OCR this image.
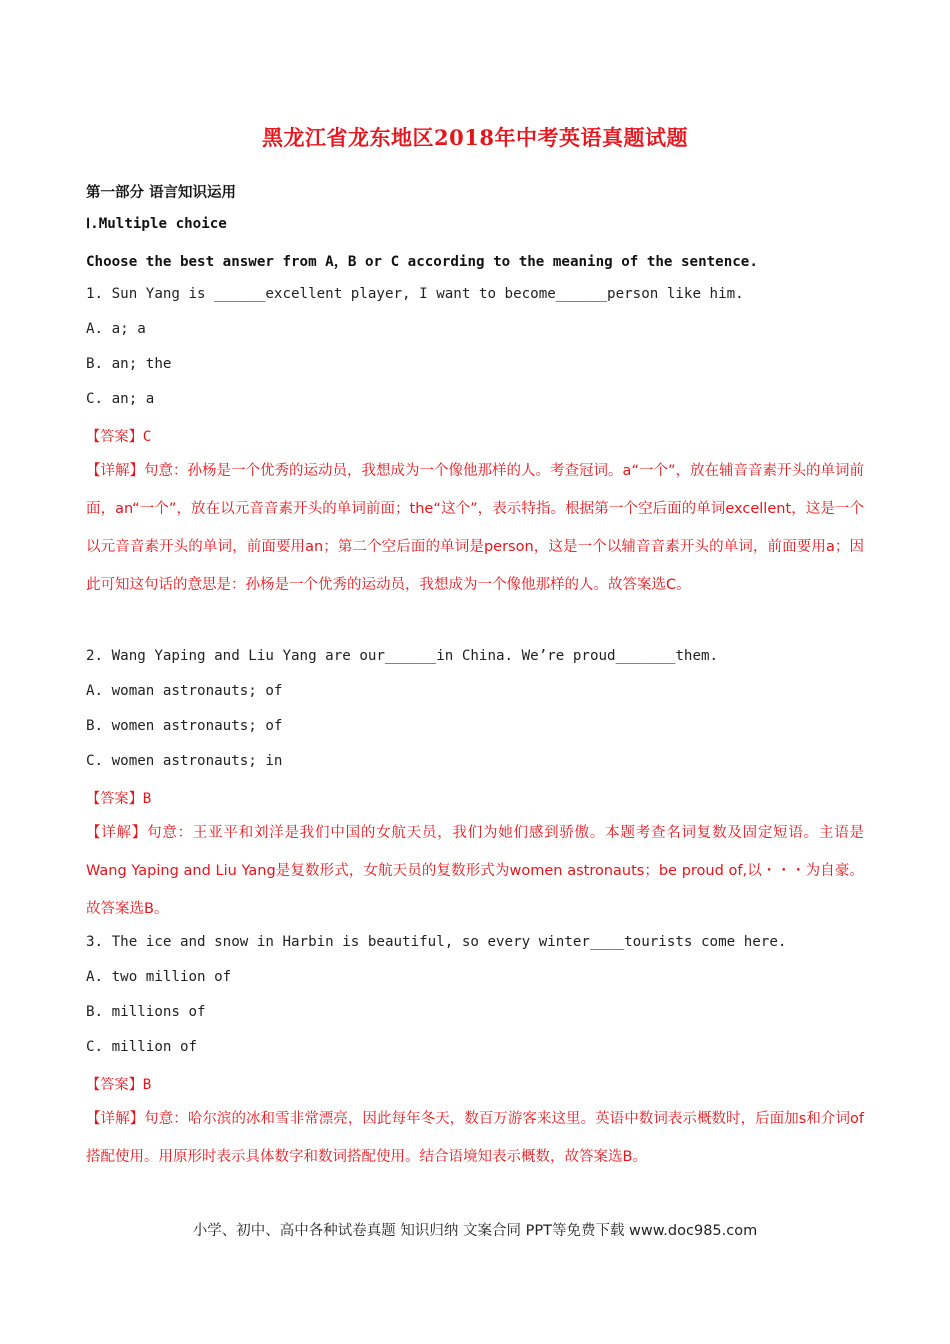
黑龙江省龙东地区2018年中考英语真题试题
第一部分 语言知识运用
Ⅰ.Multiple choice
Choose the best answer from A，B or C according to the meaning of the sentence.
1. Sun Yang is ______excellent player, I want to become______person like him.
A. a; a
B. an; the
C. an; a
【答案】C
【详解】句意：孙杨是一个优秀的运动员，我想成为一个像他那样的人。考查冠词。a“一个”，放在辅音音素开头的单词前面，an“一个”，放在以元音音素开头的单词前面；the“这个”，表示特指。根据第一个空后面的单词excellent，这是一个以元音音素开头的单词，前面要用an；第二个空后面的单词是person，这是一个以辅音音素开头的单词，前面要用a；因此可知这句话的意思是：孙杨是一个优秀的运动员，我想成为一个像他那样的人。故答案选C。
2. Wang Yaping and Liu Yang are our______in China. We’re proud_______them.
A. woman astronauts; of
B. women astronauts; of
C. women astronauts; in
【答案】B
【详解】句意：王亚平和刘洋是我们中国的女航天员，我们为她们感到骄傲。本题考查名词复数及固定短语。主语是Wang Yaping and Liu Yang是复数形式，女航天员的复数形式为women astronauts；be proud of,以・・・为自豪。故答案选B。
3. The ice and snow in Harbin is beautiful, so every winter____tourists come here.
A. two million of
B. millions of
C. million of
【答案】B
【详解】句意：哈尔滨的冰和雪非常漂亮，因此每年冬天，数百万游客来这里。英语中数词表示概数时，后面加s和介词of搭配使用。用原形时表示具体数字和数词搭配使用。结合语境知表示概数，故答案选B。
小学、初中、高中各种试卷真题 知识归纳 文案合同 PPT等免费下载 www.doc985.com
